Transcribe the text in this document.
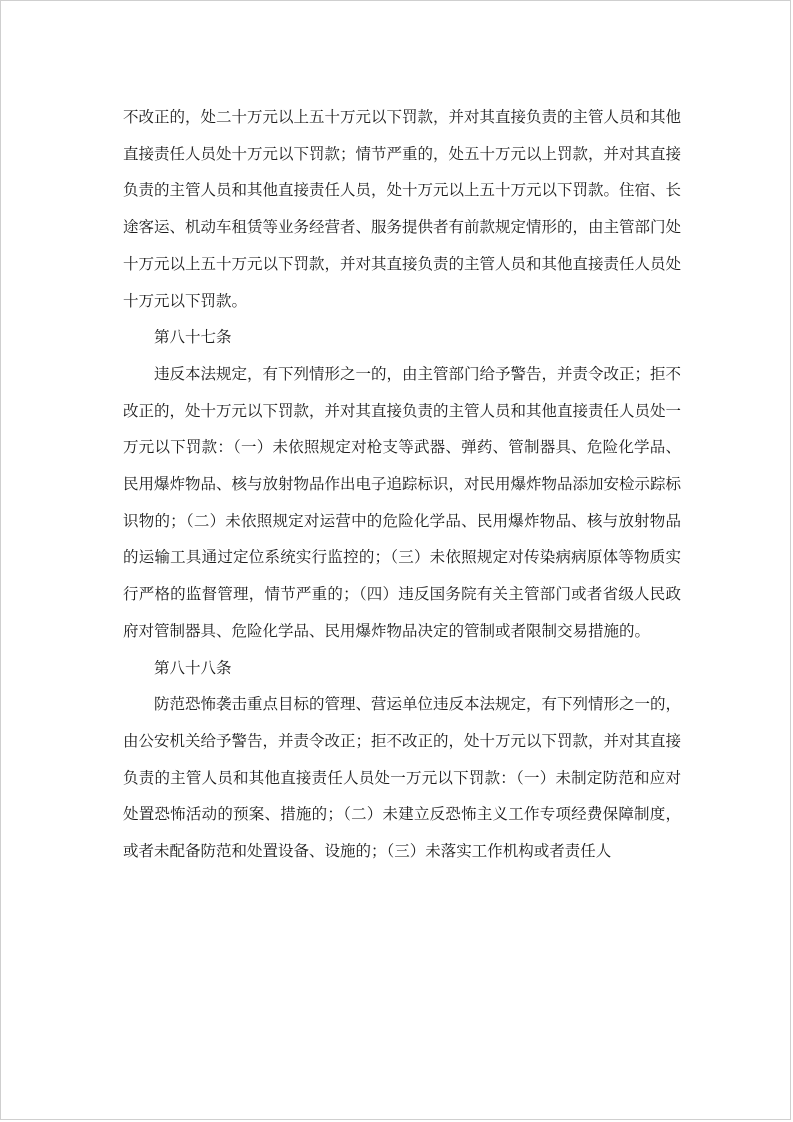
不改正的，处二十万元以上五十万元以下罚款，并对其直接负责的主管人员和其他直接责任人员处十万元以下罚款；情节严重的，处五十万元以上罚款，并对其直接负责的主管人员和其他直接责任人员，处十万元以上五十万元以下罚款。住宿、长途客运、机动车租赁等业务经营者、服务提供者有前款规定情形的，由主管部门处十万元以上五十万元以下罚款，并对其直接负责的主管人员和其他直接责任人员处十万元以下罚款。

第八十七条

违反本法规定，有下列情形之一的，由主管部门给予警告，并责令改正；拒不改正的，处十万元以下罚款，并对其直接负责的主管人员和其他直接责任人员处一万元以下罚款：（一）未依照规定对枪支等武器、弹药、管制器具、危险化学品、民用爆炸物品、核与放射物品作出电子追踪标识，对民用爆炸物品添加安检示踪标识物的；（二）未依照规定对运营中的危险化学品、民用爆炸物品、核与放射物品的运输工具通过定位系统实行监控的；（三）未依照规定对传染病病原体等物质实行严格的监督管理，情节严重的；（四）违反国务院有关主管部门或者省级人民政府对管制器具、危险化学品、民用爆炸物品决定的管制或者限制交易措施的。

第八十八条

防范恐怖袭击重点目标的管理、营运单位违反本法规定，有下列情形之一的，由公安机关给予警告，并责令改正；拒不改正的，处十万元以下罚款，并对其直接负责的主管人员和其他直接责任人员处一万元以下罚款：（一）未制定防范和应对处置恐怖活动的预案、措施的；（二）未建立反恐怖主义工作专项经费保障制度，或者未配备防范和处置设备、设施的；（三）未落实工作机构或者责任人
